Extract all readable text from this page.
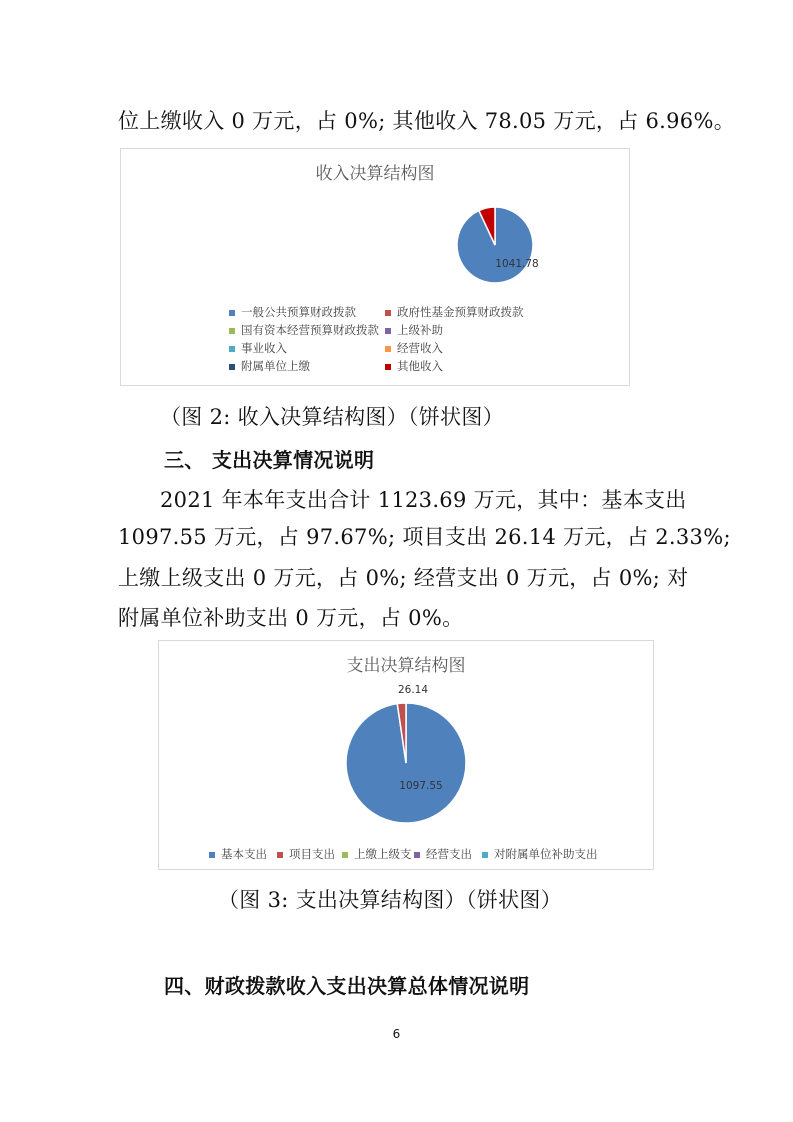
位上缴收入 0 万元，占 0%; 其他收入 78.05 万元，占 6.96%。
收入决算结构图
1041.78
一般公共预算财政拨款	政府性基金预算财政拨款
国有资本经营预算财政拨款	上级补助
事业收入	经营收入
附属单位上缴	其他收入
（图 2: 收入决算结构图）（饼状图）
三、 支出决算情况说明
2021 年本年支出合计 1123.69 万元，其中：基本支出
1097.55 万元，占 97.67%; 项目支出 26.14 万元，占 2.33%;
上缴上级支出 0 万元，占 0%; 经营支出 0 万元，占 0%; 对
附属单位补助支出 0 万元，占 0%。
支出决算结构图
1097.55
26.14
基本支出	项目支出	上缴上级支	经营支出	对附属单位补助支出
（图 3: 支出决算结构图）（饼状图）
四、财政拨款收入支出决算总体情况说明
6
